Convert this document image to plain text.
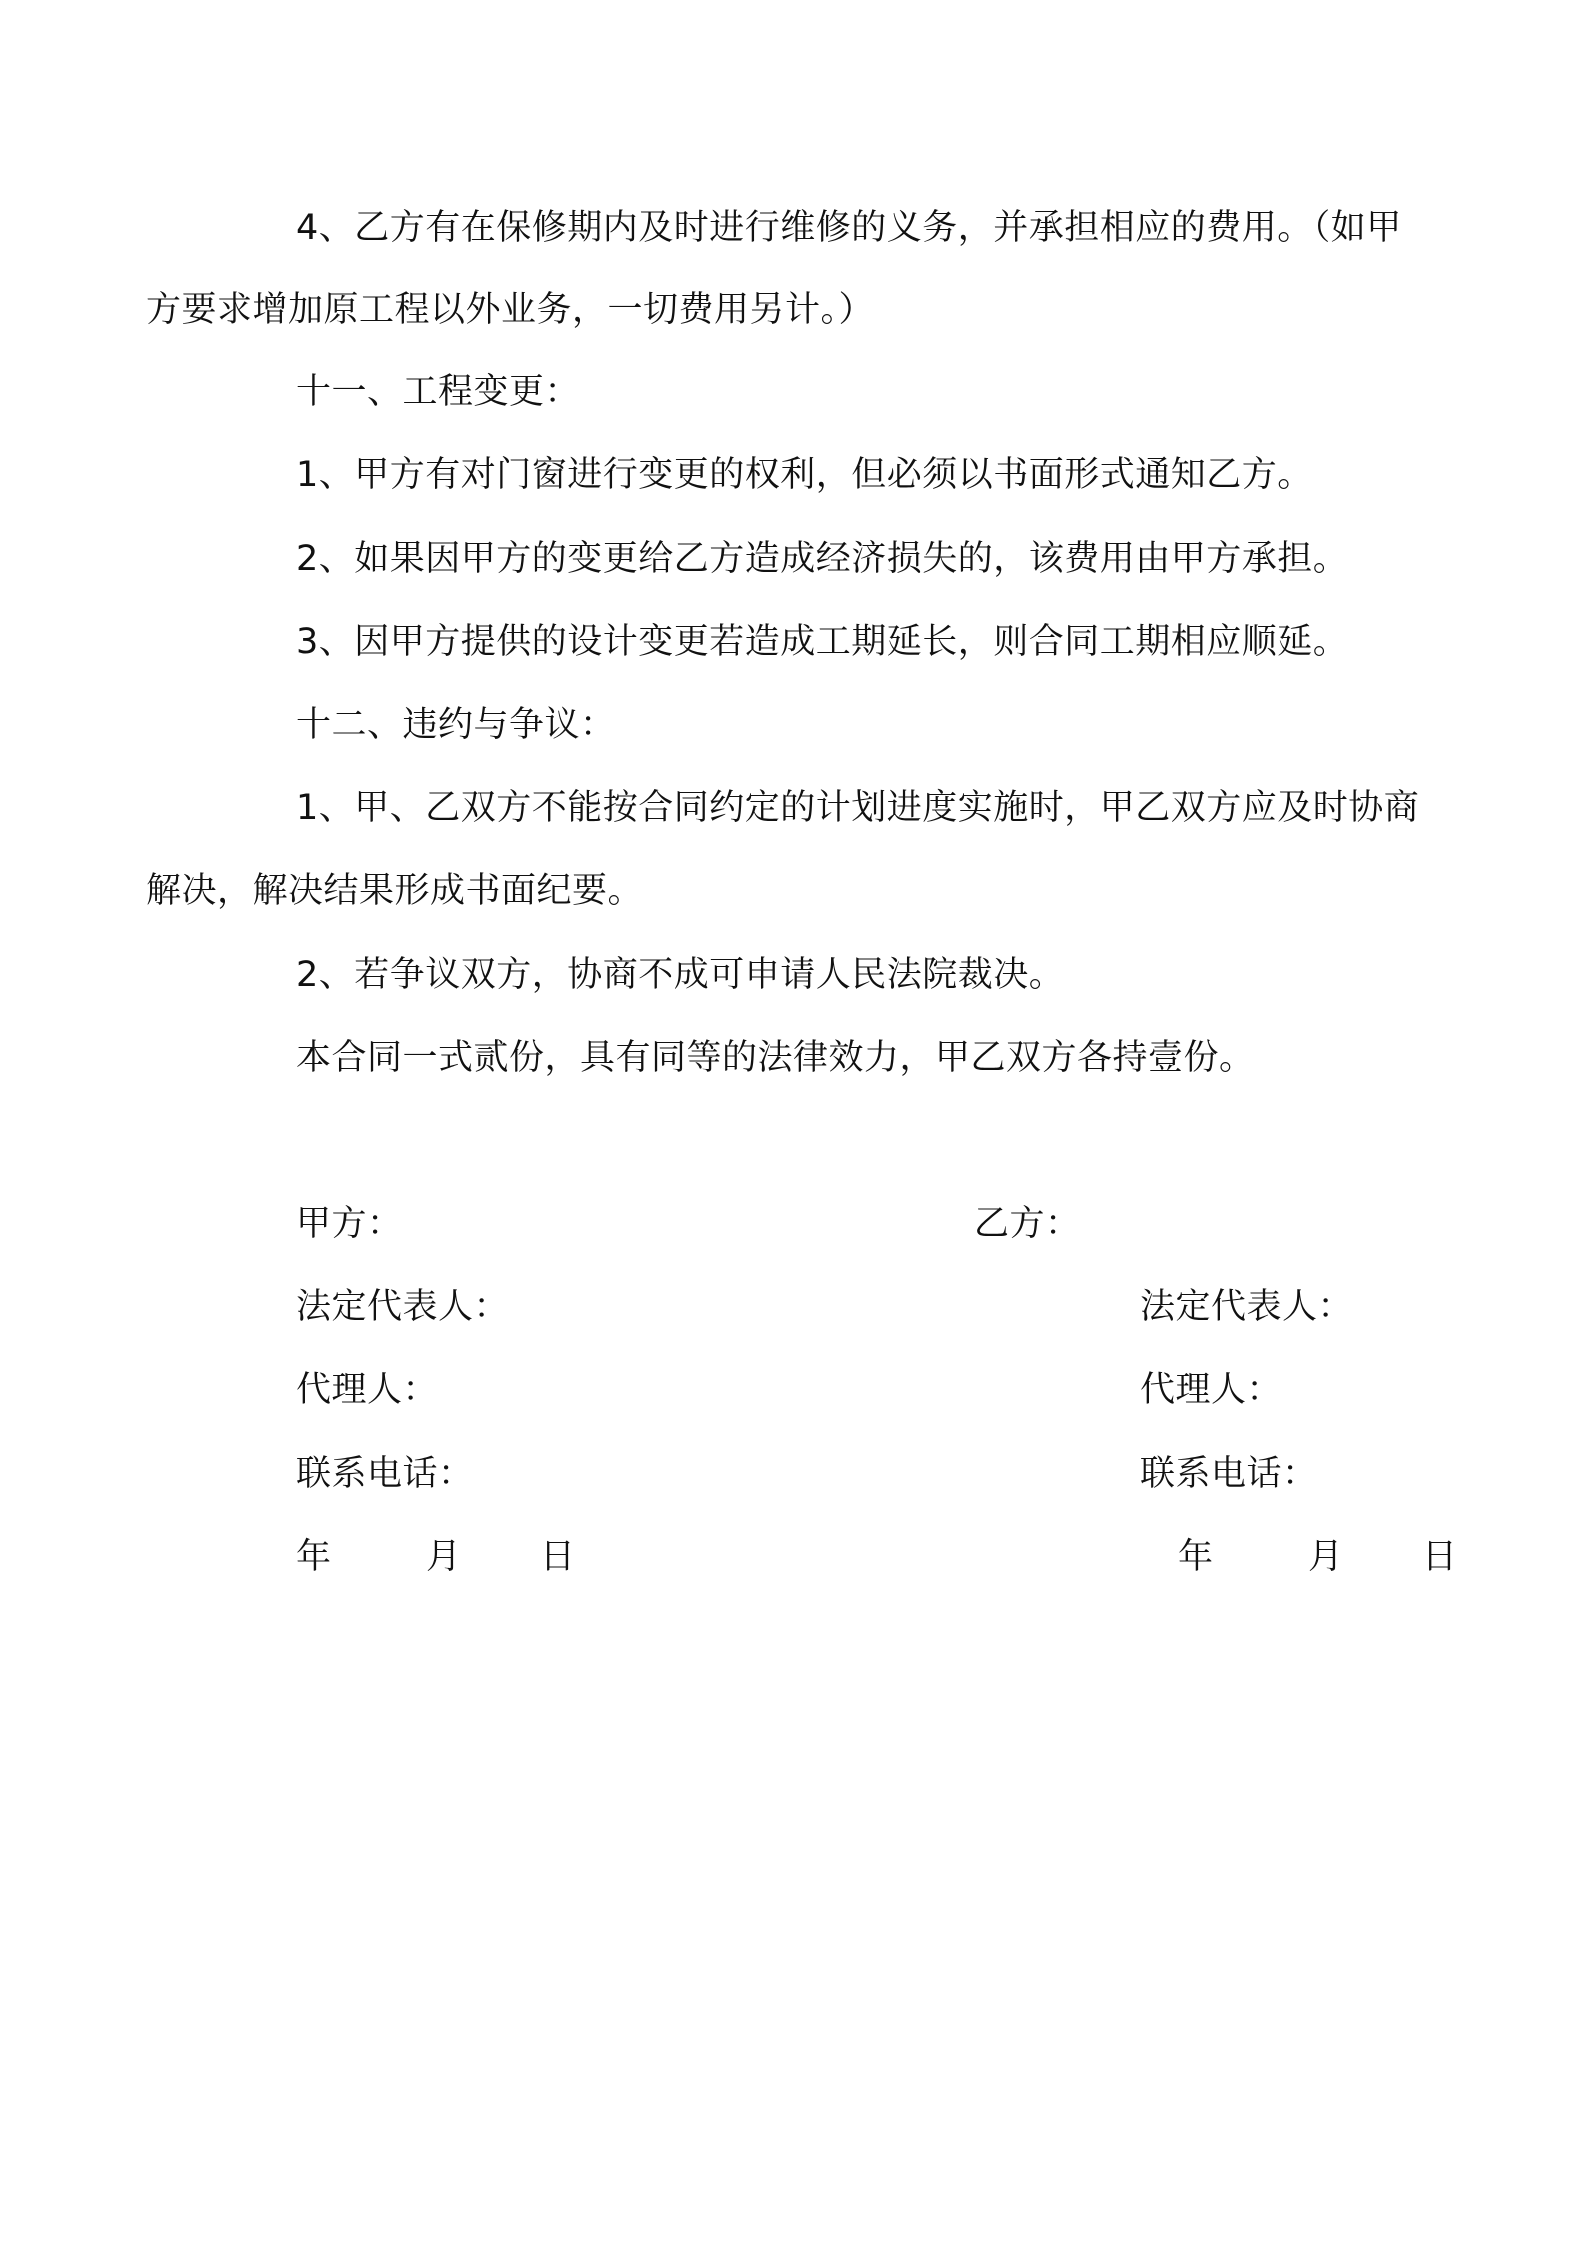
4、乙方有在保修期内及时进行维修的义务，并承担相应的费用。（如甲
方要求增加原工程以外业务，一切费用另计。）
十一、工程变更：
1、甲方有对门窗进行变更的权利，但必须以书面形式通知乙方。
2、如果因甲方的变更给乙方造成经济损失的，该费用由甲方承担。
3、因甲方提供的设计变更若造成工期延长，则合同工期相应顺延。
十二、违约与争议：
1、甲、乙双方不能按合同约定的计划进度实施时，甲乙双方应及时协商
解决，解决结果形成书面纪要。
2、若争议双方，协商不成可申请人民法院裁决。
本合同一式贰份，具有同等的法律效力，甲乙双方各持壹份。
甲方：	乙方：
法定代表人：	法定代表人：
代理人：	代理人：
联系电话：	联系电话：
年	月 日	年	月 日
